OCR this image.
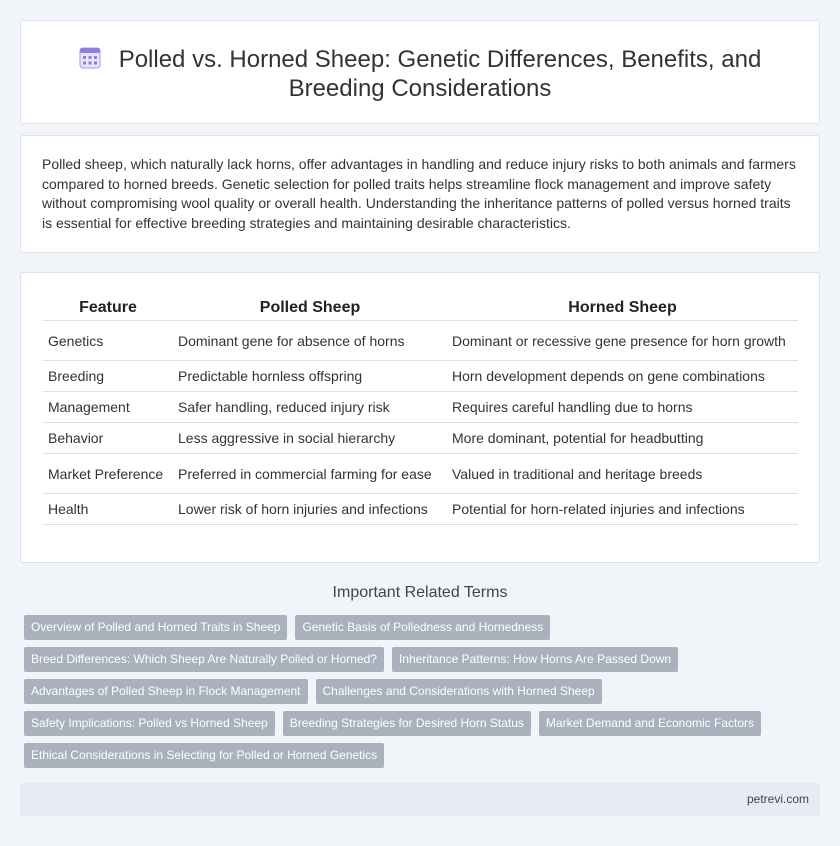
Polled vs. Horned Sheep: Genetic Differences, Benefits, and Breeding Considerations

Polled sheep, which naturally lack horns, offer advantages in handling and reduce injury risks to both animals and farmers compared to horned breeds. Genetic selection for polled traits helps streamline flock management and improve safety without compromising wool quality or overall health. Understanding the inheritance patterns of polled versus horned traits is essential for effective breeding strategies and maintaining desirable characteristics.

Feature	Polled Sheep	Horned Sheep
Genetics	Dominant gene for absence of horns	Dominant or recessive gene presence for horn growth
Breeding	Predictable hornless offspring	Horn development depends on gene combinations
Management	Safer handling, reduced injury risk	Requires careful handling due to horns
Behavior	Less aggressive in social hierarchy	More dominant, potential for headbutting
Market Preference	Preferred in commercial farming for ease	Valued in traditional and heritage breeds
Health	Lower risk of horn injuries and infections	Potential for horn-related injuries and infections
Important Related Terms
Overview of Polled and Horned Traits in Sheep	Genetic Basis of Polledness and Hornedness
Breed Differences: Which Sheep Are Naturally Polled or Horned?	Inheritance Patterns: How Horns Are Passed Down
Advantages of Polled Sheep in Flock Management	Challenges and Considerations with Horned Sheep
Safety Implications: Polled vs Horned Sheep	Breeding Strategies for Desired Horn Status	Market Demand and Economic Factors
Ethical Considerations in Selecting for Polled or Horned Genetics
petrevi.com
